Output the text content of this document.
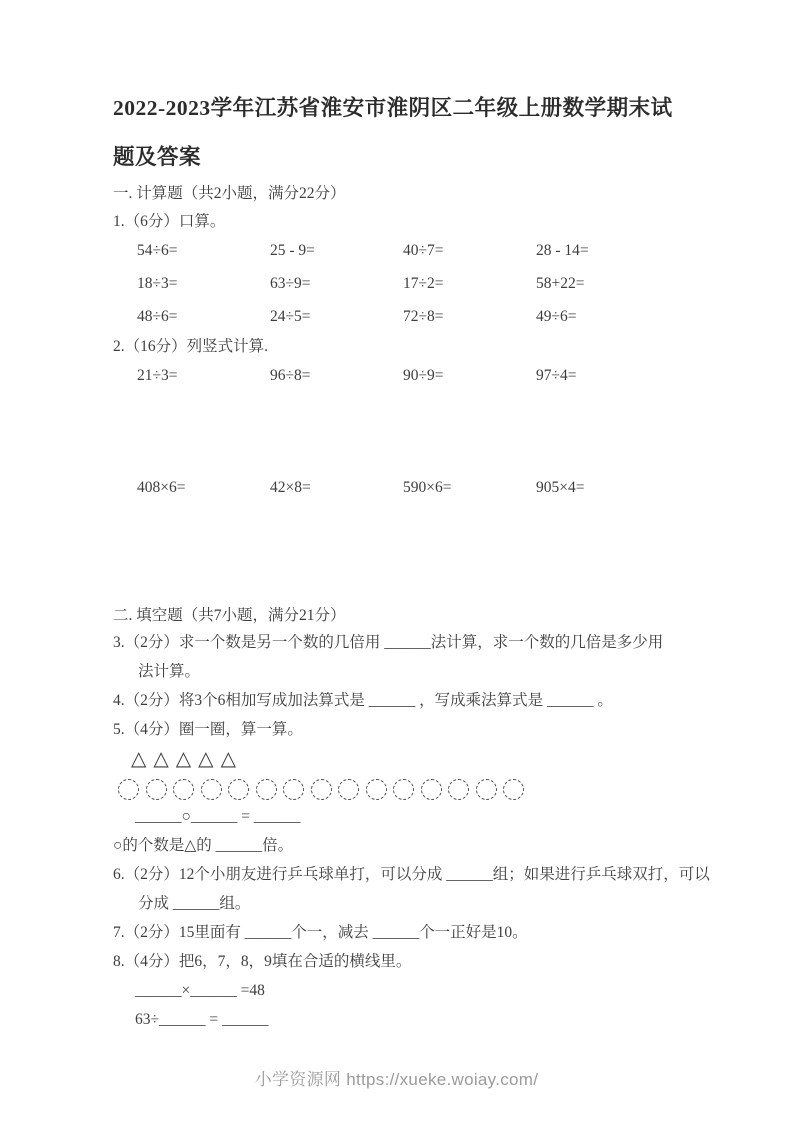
2022-2023学年江苏省淮安市淮阴区二年级上册数学期末试题及答案
一. 计算题（共2小题，满分22分）
1.（6分）口算。
54÷6=	25 - 9=	40÷7=	28 - 14=
18÷3=	63÷9=	17÷2=	58+22=
48÷6=	24÷5=	72÷8=	49÷6=
2.（16分）列竖式计算.
21÷3=	96÷8=	90÷9=	97÷4=
408×6=	42×8=	590×6=	905×4=
二. 填空题（共7小题，满分21分）
3.（2分）求一个数是另一个数的几倍用 ______法计算，求一个数的几倍是多少用
法计算。
4.（2分）将3个6相加写成加法算式是 ______ ，写成乘法算式是 ______ 。
5.（4分）圈一圈，算一算。
△ △ △ △ △
______○______ = ______
○的个数是△的 ______倍。
6.（2分）12个小朋友进行乒乓球单打，可以分成 ______组；如果进行乒乓球双打，可以
分成 ______组。
7.（2分）15里面有 ______个一，减去 ______个一正好是10。
8.（4分）把6，7，8，9填在合适的横线里。
______×______ =48
63÷______ = ______
小学资源网 https://xueke.woiay.com/
